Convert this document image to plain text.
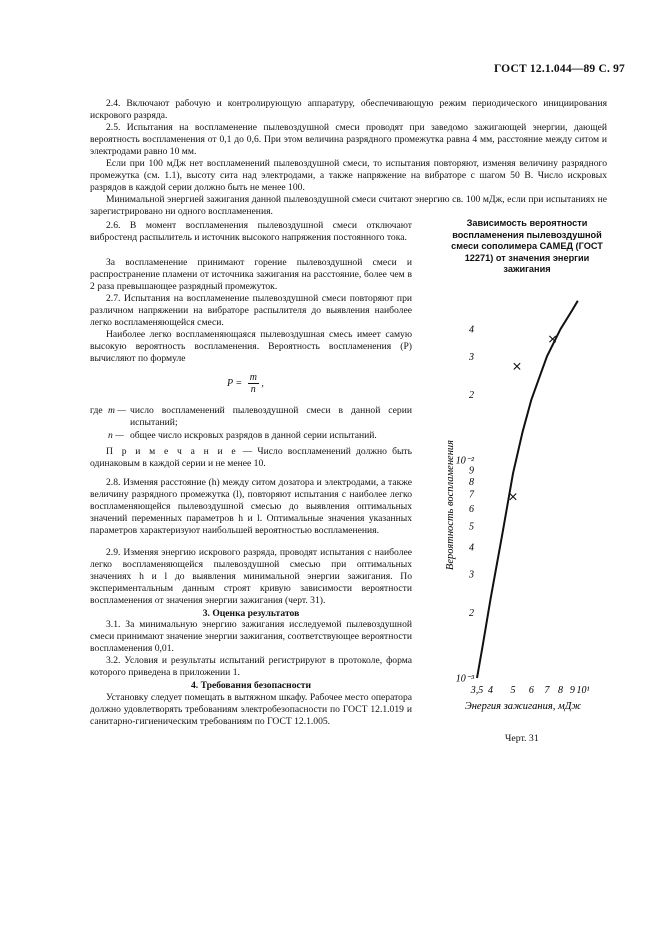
ГОСТ 12.1.044—89 С. 97

2.4. Включают рабочую и контролирующую аппаратуру, обеспечивающую режим периодического инициирования искрового разряда.

2.5. Испытания на воспламенение пылевоздушной смеси проводят при заведомо зажигающей энергии, дающей вероятность воспламенения от 0,1 до 0,6. При этом величина разрядного промежутка равна 4 мм, расстояние между ситом и электродами равно 10 мм.

Если при 100 мДж нет воспламенений пылевоздушной смеси, то испытания повторяют, изменяя величину разрядного промежутка (см. 1.1), высоту сита над электродами, а также напряжение на вибраторе с шагом 50 В. Число искровых разрядов в каждой серии должно быть не менее 100.

Минимальной энергией зажигания данной пылевоздушной смеси считают энергию св. 100 мДж, если при испытаниях не зарегистрировано ни одного воспламенения.

2.6. В момент воспламенения пылевоздушной смеси отключают вибростенд распылитель и источник высокого напряжения постоянного тока.

За воспламенение принимают горение пылевоздушной смеси и распространение пламени от источника зажигания на расстояние, более чем в 2 раза превышающее разрядный промежуток.

2.7. Испытания на воспламенение пылевоздушной смеси повторяют при различном напряжении на вибраторе распылителя до выявления наиболее легко воспламеняющейся смеси.

Наиболее легко воспламеняющаяся пылевоздушная смесь имеет самую высокую вероятность воспламенения. Вероятность воспламенения (P) вычисляют по формуле

$P = \frac{m}{n}$ ,
где m — число воспламенений пылевоздушной смеси в данной серии испытаний;
n — общее число искровых разрядов в данной серии испытаний.

П р и м е ч а н и е — Число воспламенений должно быть одинаковым в каждой серии и не менее 10.

2.8. Изменяя расстояние (h) между ситом дозатора и электродами, а также величину разрядного промежутка (l), повторяют испытания с наиболее легко воспламеняющейся пылевоздушной смесью до выявления оптимальных значений переменных параметров h и l. Оптимальные значения указанных параметров характеризуют наибольшей вероятностью воспламенения.

2.9. Изменяя энергию искрового разряда, проводят испытания с наиболее легко воспламеняющейся пылевоздушной смесью при оптимальных значениях h и l до выявления минимальной энергии зажигания. По экспериментальным данным строят кривую зависимости вероятности воспламенения от значения энергии зажигания (черт. 31).

3. Оценка результатов

3.1. За минимальную энергию зажигания исследуемой пылевоздушной смеси принимают значение энергии зажигания, соответствующее вероятности воспламенения 0,01.

3.2. Условия и результаты испытаний регистрируют в протоколе, форма которого приведена в приложении 1.

4. Требования безопасности

Установку следует помещать в вытяжном шкафу. Рабочее место оператора должно удовлетворять требованиям электробезопасности по ГОСТ 12.1.019 и санитарно-гигиеническим требованиям по ГОСТ 12.1.005.

Зависимость вероятности воспламенения пылевоздушной смеси сополимера САМЕД (ГОСТ 12271) от значения энергии зажигания
10⁻³
2
3
4
5
6
7
8
9
10⁻²
2
3
4
3,5 4 5 6 7 8 9 10¹
Вероятность воспламенения
Энергия зажигания, мДж
Черт. 31
